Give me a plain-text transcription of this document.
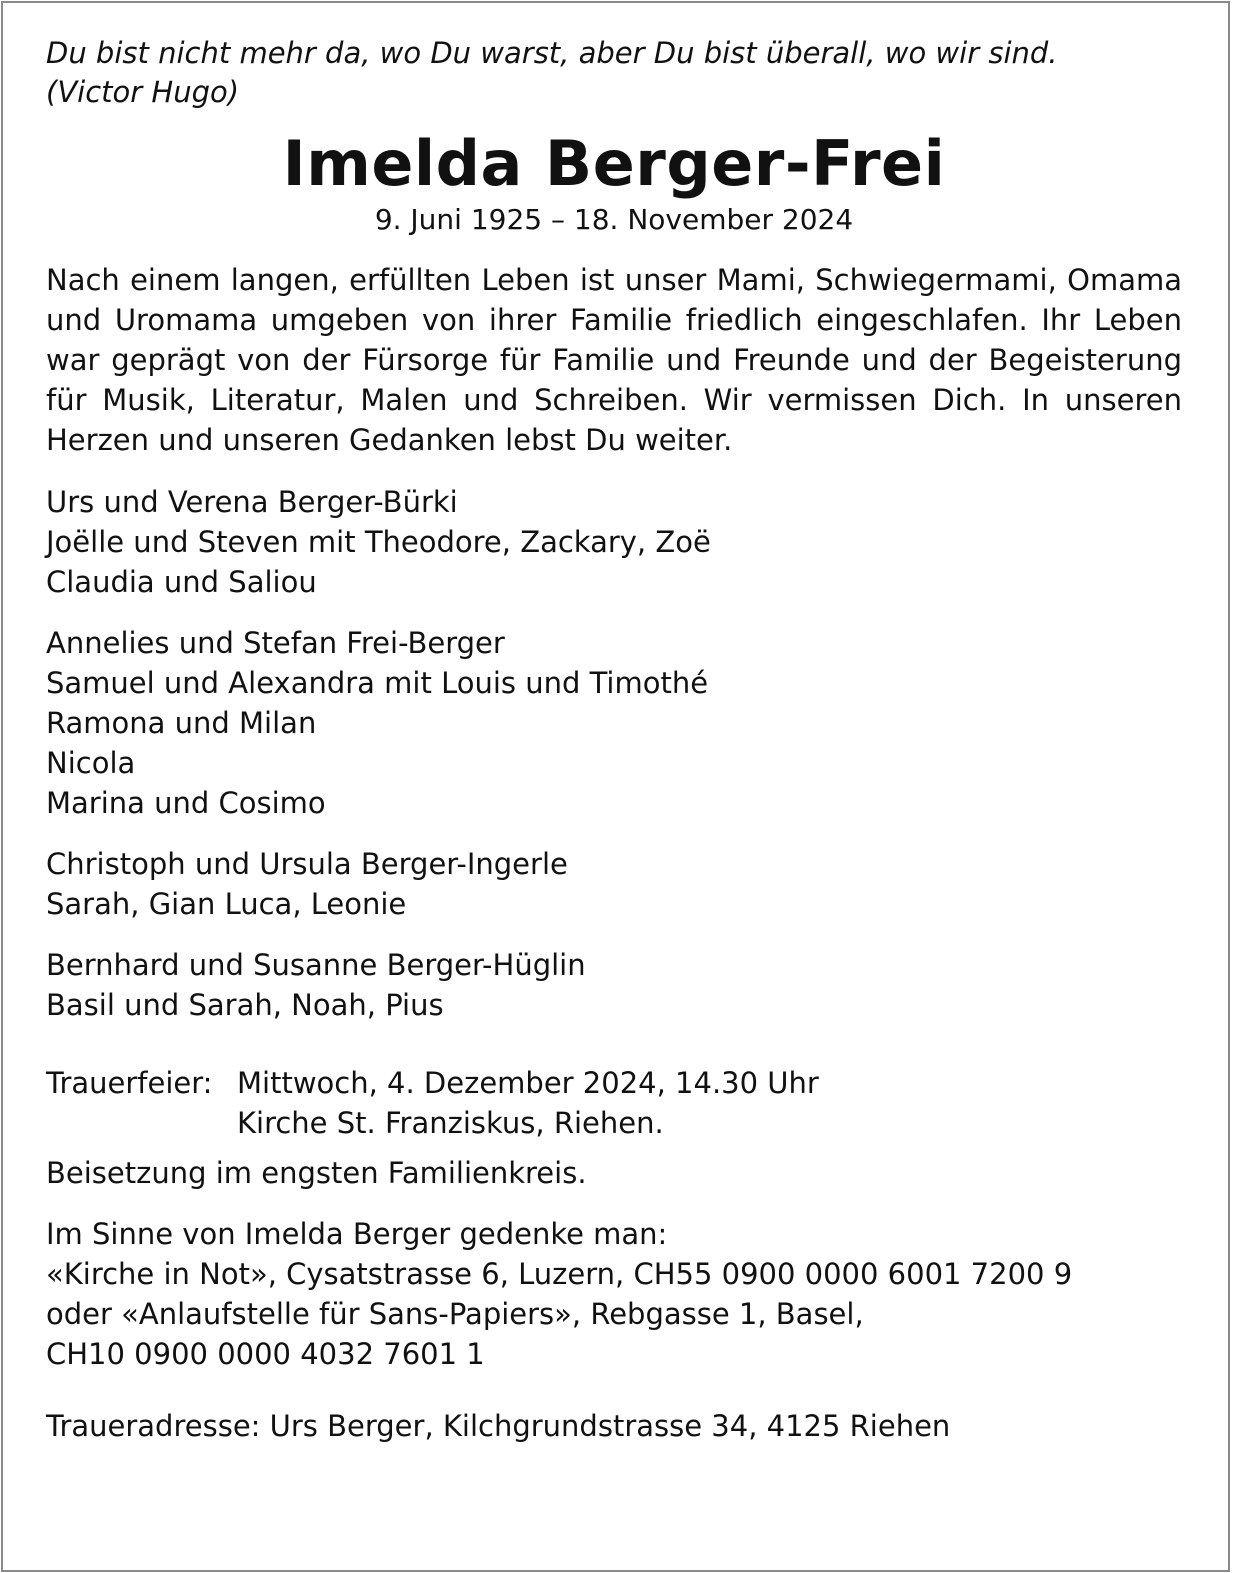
Du bist nicht mehr da, wo Du warst, aber Du bist überall, wo wir sind.
(Victor Hugo)

Imelda Berger-Frei

9. Juni 1925 – 18. November 2024

Nach einem langen, erfüllten Leben ist unser Mami, Schwiegermami, Omama und Uromama umgeben von ihrer Familie friedlich eingeschlafen. Ihr Leben war geprägt von der Fürsorge für Familie und Freunde und der Begeisterung für Musik, Literatur, Malen und Schreiben. Wir vermissen Dich. In unseren Herzen und unseren Gedanken lebst Du weiter.

Urs und Verena Berger-Bürki
Joëlle und Steven mit Theodore, Zackary, Zoë
Claudia und Saliou
Annelies und Stefan Frei-Berger
Samuel und Alexandra mit Louis und Timothé
Ramona und Milan
Nicola
Marina und Cosimo
Christoph und Ursula Berger-Ingerle
Sarah, Gian Luca, Leonie
Bernhard und Susanne Berger-Hüglin
Basil und Sarah, Noah, Pius
Trauerfeier: Mittwoch, 4. Dezember 2024, 14.30 Uhr
Kirche St. Franziskus, Riehen.
Beisetzung im engsten Familienkreis.
Im Sinne von Imelda Berger gedenke man:
«Kirche in Not», Cysatstrasse 6, Luzern, CH55 0900 0000 6001 7200 9
oder «Anlaufstelle für Sans-Papiers», Rebgasse 1, Basel,
CH10 0900 0000 4032 7601 1
Traueradresse: Urs Berger, Kilchgrundstrasse 34, 4125 Riehen
